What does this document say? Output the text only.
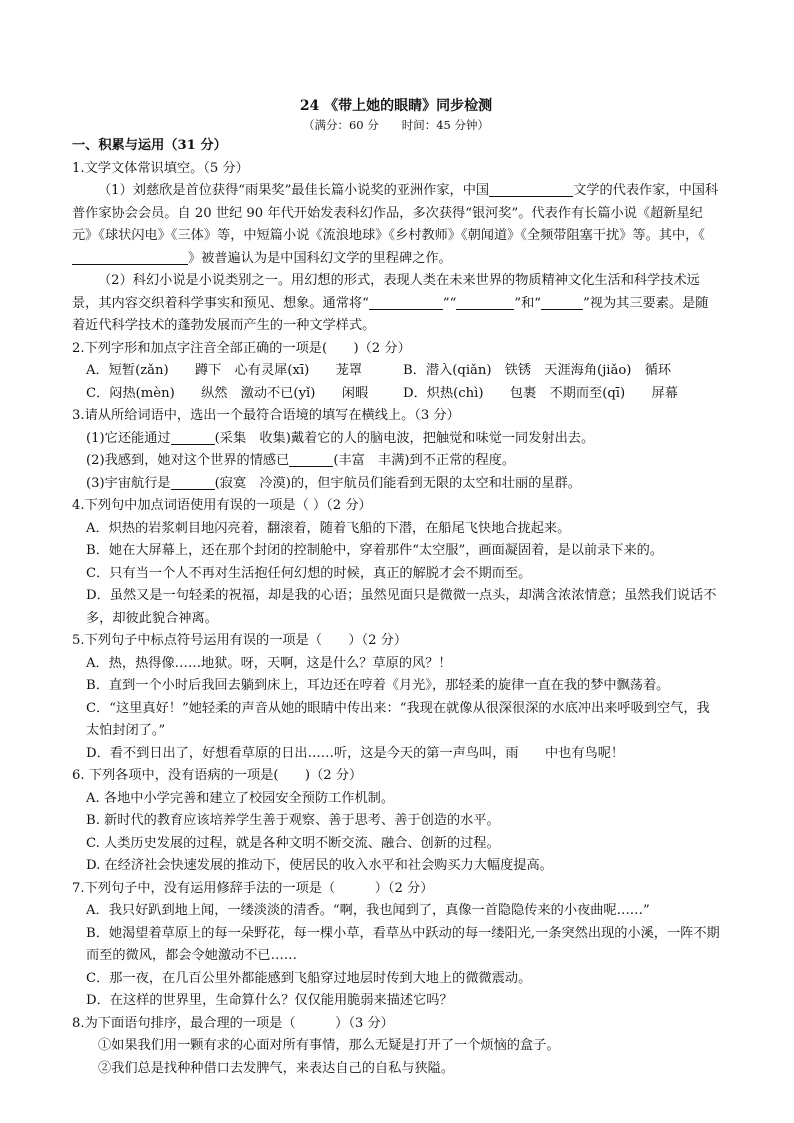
24 《带上她的眼睛》同步检测

（满分：60 分　　时间：45 分钟）

一、积累与运用（31 分）

1.文学文体常识填空。（5 分）

（1）刘慈欣是首位获得“雨果奖”最佳长篇小说奖的亚洲作家，中国	文学的代表作家，中国科普作家协会会员。自 20 世纪 90 年代开始发表科幻作品，多次获得“银河奖”。代表作有长篇小说《超新星纪元》《球状闪电》《三体》等，中短篇小说《流浪地球》《乡村教师》《朝闻道》《全频带阻塞干扰》等。其中，《》被普遍认为是中国科幻文学的里程碑之作。

（2）科幻小说是小说类别之一。用幻想的形式，表现人类在未来世界的物质精神文化生活和科学技术远景，其内容交织着科学事实和预见、想象。通常将“	”“	”和“	”视为其三要素。是随着近代科学技术的蓬勃发展而产生的一种文学样式。

2.下列字形和加点字注音全部正确的一项是(　　)（2 分）

A．短暂(zǎn)　　蹲下　心有灵犀(xī)　　茏罩	B．潜入(qiǎn)　铁锈　天涯海角(jiǎo)　循环
C．闷热(mèn)　　纵然　激动不已(yǐ)　　闲暇	D．炽热(chì)　　包裹　不期而至(qī)　　屏幕

3.请从所给词语中，选出一个最符合语境的填写在横线上。（3 分）

(1)它还能通过	(采集　收集)戴着它的人的脑电波，把触觉和味觉一同发射出去。

(2)我感到，她对这个世界的情感已	(丰富　丰满)到不正常的程度。

(3)宇宙航行是	(寂寞　冷漠)的，但宇航员们能看到无限的太空和壮丽的星群。

4.下列句中加点词语使用有误的一项是（ ）（2 分）

A．炽热的岩浆刺目地闪亮着，翻滚着，随着飞船的下潜，在船尾飞快地合拢起来。

B．她在大屏幕上，还在那个封闭的控制舱中，穿着那件“太空服”，画面凝固着，是以前录下来的。

C．只有当一个人不再对生活抱任何幻想的时候，真正的解脱才会不期而至。

D．虽然又是一句轻柔的祝福，却是我的心语；虽然见面只是微微一点头，却满含浓浓情意；虽然我们说话不多，却彼此貌合神离。

5.下列句子中标点符号运用有误的一项是（　　）（2 分）

A．热，热得像……地狱。呀，天啊，这是什么？草原的风？！

B．直到一个小时后我回去躺到床上，耳边还在哼着《月光》，那轻柔的旋律一直在我的梦中飘荡着。

C．“这里真好！”她轻柔的声音从她的眼睛中传出来：“我现在就像从很深很深的水底冲出来呼吸到空气，我太怕封闭了。”

D．看不到日出了，好想看草原的日出……听，这是今天的第一声鸟叫，雨　　中也有鸟呢！

6. 下列各项中，没有语病的一项是(　　)（2 分）

A. 各地中小学完善和建立了校园安全预防工作机制。

B. 新时代的教育应该培养学生善于观察、善于思考、善于创造的水平。

C. 人类历史发展的过程，就是各种文明不断交流、融合、创新的过程。

D. 在经济社会快速发展的推动下，使居民的收入水平和社会购买力大幅度提高。

7.下列句子中，没有运用修辞手法的一项是（　　　）（2 分）

A．我只好趴到地上闻，一缕淡淡的清香。“啊，我也闻到了，真像一首隐隐传来的小夜曲呢……”

B．她渴望着草原上的每一朵野花，每一棵小草，看草丛中跃动的每一缕阳光,一条突然出现的小溪，一阵不期而至的微风，都会令她激动不已……

C．那一夜，在几百公里外都能感到飞船穿过地层时传到大地上的微微震动。

D．在这样的世界里，生命算什么？仅仅能用脆弱来描述它吗？

8.为下面语句排序，最合理的一项是（　　　）（3 分）

①如果我们用一颗有求的心面对所有事情，那么无疑是打开了一个烦恼的盒子。

②我们总是找种种借口去发脾气，来表达自己的自私与狭隘。
